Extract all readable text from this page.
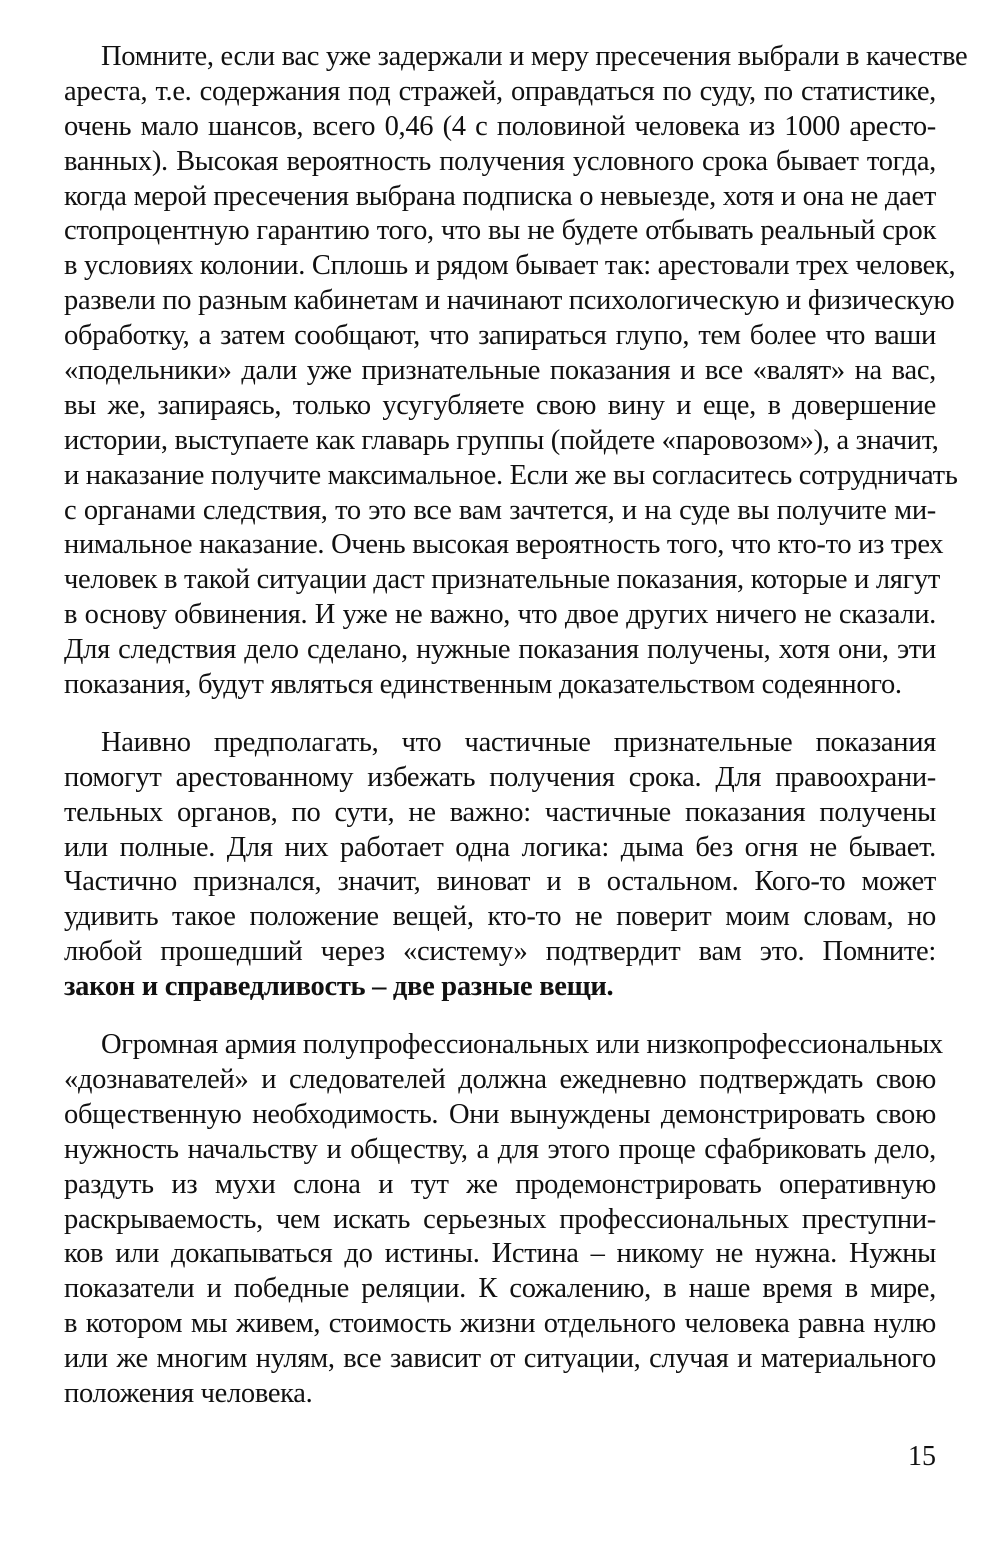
Помните, если вас уже задержали и меру пресечения выбрали в качестве
ареста, т.е. содержания под стражей, оправдаться по суду, по статистике,
очень мало шансов, всего 0,46 (4 с половиной человека из 1000 аресто-
ванных). Высокая вероятность получения условного срока бывает тогда,
когда мерой пресечения выбрана подписка о невыезде, хотя и она не дает
стопроцентную гарантию того, что вы не будете отбывать реальный срок
в условиях колонии. Сплошь и рядом бывает так: арестовали трех человек,
развели по разным кабинетам и начинают психологическую и физическую
обработку, а затем сообщают, что запираться глупо, тем более что ваши
«подельники» дали уже признательные показания и все «валят» на вас,
вы же, запираясь, только усугубляете свою вину и еще, в довершение
истории, выступаете как главарь группы (пойдете «паровозом»), а значит,
и наказание получите максимальное. Если же вы согласитесь сотрудничать
с органами следствия, то это все вам зачтется, и на суде вы получите ми-
нимальное наказание. Очень высокая вероятность того, что кто-то из трех
человек в такой ситуации даст признательные показания, которые и лягут
в основу обвинения. И уже не важно, что двое других ничего не сказали.
Для следствия дело сделано, нужные показания получены, хотя они, эти
показания, будут являться единственным доказательством содеянного.
Наивно предполагать, что частичные признательные показания
помогут арестованному избежать получения срока. Для правоохрани-
тельных органов, по сути, не важно: частичные показания получены
или полные. Для них работает одна логика: дыма без огня не бывает.
Частично признался, значит, виноват и в остальном. Кого-то может
удивить такое положение вещей, кто-то не поверит моим словам, но
любой прошедший через «систему» подтвердит вам это. Помните:
закон и справедливость – две разные вещи.
Огромная армия полупрофессиональных или низкопрофессиональных
«дознавателей» и следователей должна ежедневно подтверждать свою
общественную необходимость. Они вынуждены демонстрировать свою
нужность начальству и обществу, а для этого проще сфабриковать дело,
раздуть из мухи слона и тут же продемонстрировать оперативную
раскрываемость, чем искать серьезных профессиональных преступни-
ков или докапываться до истины. Истина – никому не нужна. Нужны
показатели и победные реляции. К сожалению, в наше время в мире,
в котором мы живем, стоимость жизни отдельного человека равна нулю
или же многим нулям, все зависит от ситуации, случая и материального
положения человека.
15
